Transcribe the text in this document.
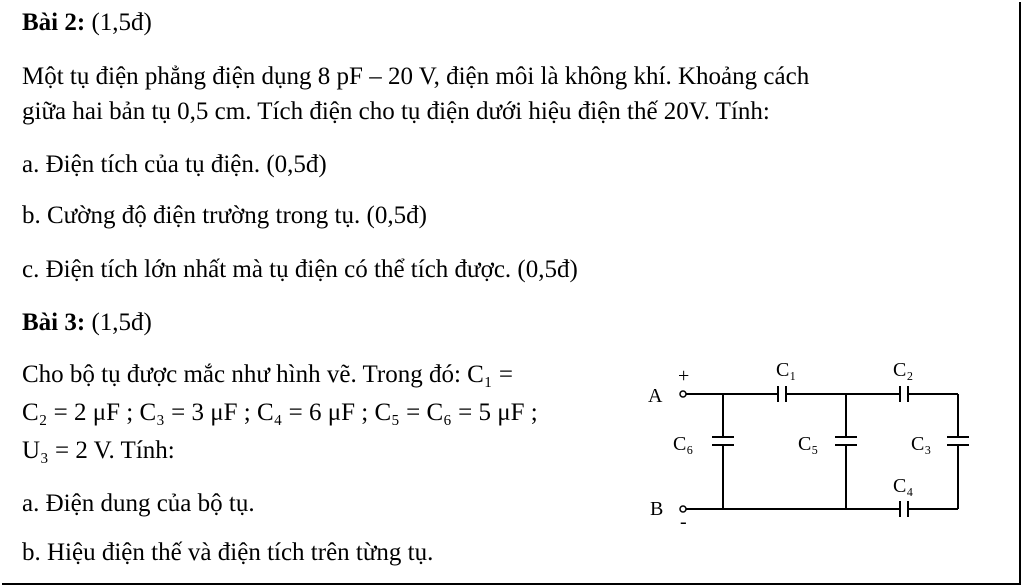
Bài 2: (1,5đ)
Một tụ điện phẳng điện dụng 8 pF – 20 V, điện môi là không khí. Khoảng cách
giữa hai bản tụ 0,5 cm. Tích điện cho tụ điện dưới hiệu điện thế 20V. Tính:
a. Điện tích của tụ điện. (0,5đ)
b. Cường độ điện trường trong tụ. (0,5đ)
c. Điện tích lớn nhất mà tụ điện có thể tích được. (0,5đ)
Bài 3: (1,5đ)
Cho bộ tụ được mắc như hình vẽ. Trong đó: C₁ =
C₂ = 2 μF ; C₃ = 3 μF ; C₄ = 6 μF ; C₅ = C₆ = 5 μF ;
U₃ = 2 V. Tính:
a. Điện dung của bộ tụ.
b. Hiệu điện thế và điện tích trên từng tụ.
A
B
+
-
C₁	C₂
C₃
C₄
C₅
C₆
